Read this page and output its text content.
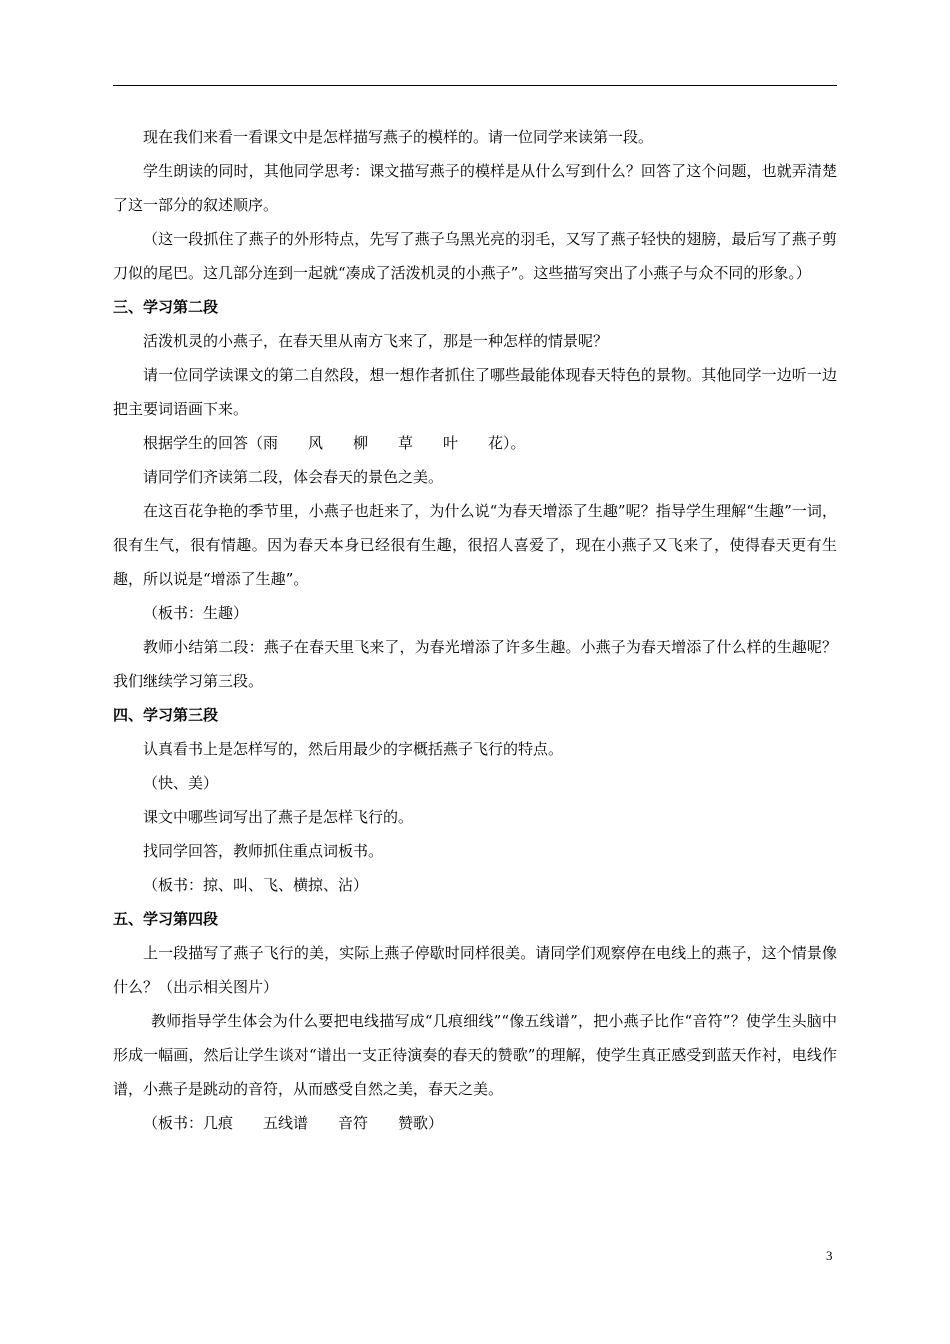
现在我们来看一看课文中是怎样描写燕子的模样的。请一位同学来读第一段。

学生朗读的同时，其他同学思考：课文描写燕子的模样是从什么写到什么？回答了这个问题，也就弄清楚了这一部分的叙述顺序。

（这一段抓住了燕子的外形特点，先写了燕子乌黑光亮的羽毛，又写了燕子轻快的翅膀，最后写了燕子剪刀似的尾巴。这几部分连到一起就“凑成了活泼机灵的小燕子”。这些描写突出了小燕子与众不同的形象。）

三、学习第二段

活泼机灵的小燕子，在春天里从南方飞来了，那是一种怎样的情景呢？

请一位同学读课文的第二自然段，想一想作者抓住了哪些最能体现春天特色的景物。其他同学一边听一边把主要词语画下来。

根据学生的回答（雨　　风　　柳　　草　　叶　　花）。

请同学们齐读第二段，体会春天的景色之美。

在这百花争艳的季节里，小燕子也赶来了，为什么说“为春天增添了生趣”呢？指导学生理解“生趣”一词，很有生气，很有情趣。因为春天本身已经很有生趣，很招人喜爱了，现在小燕子又飞来了，使得春天更有生趣，所以说是“增添了生趣”。

（板书：生趣）

教师小结第二段：燕子在春天里飞来了，为春光增添了许多生趣。小燕子为春天增添了什么样的生趣呢？我们继续学习第三段。

四、学习第三段

认真看书上是怎样写的，然后用最少的字概括燕子飞行的特点。

（快、美）

课文中哪些词写出了燕子是怎样飞行的。

找同学回答，教师抓住重点词板书。

（板书：掠、叫、飞、横掠、沾）

五、学习第四段

上一段描写了燕子飞行的美，实际上燕子停歇时同样很美。请同学们观察停在电线上的燕子，这个情景像什么？（出示相关图片）

教师指导学生体会为什么要把电线描写成“几痕细线”“像五线谱”，把小燕子比作“音符”？使学生头脑中形成一幅画，然后让学生谈对“谱出一支正待演奏的春天的赞歌”的理解，使学生真正感受到蓝天作衬，电线作谱，小燕子是跳动的音符，从而感受自然之美，春天之美。

（板书：几痕　　五线谱　　音符　　赞歌）

3
